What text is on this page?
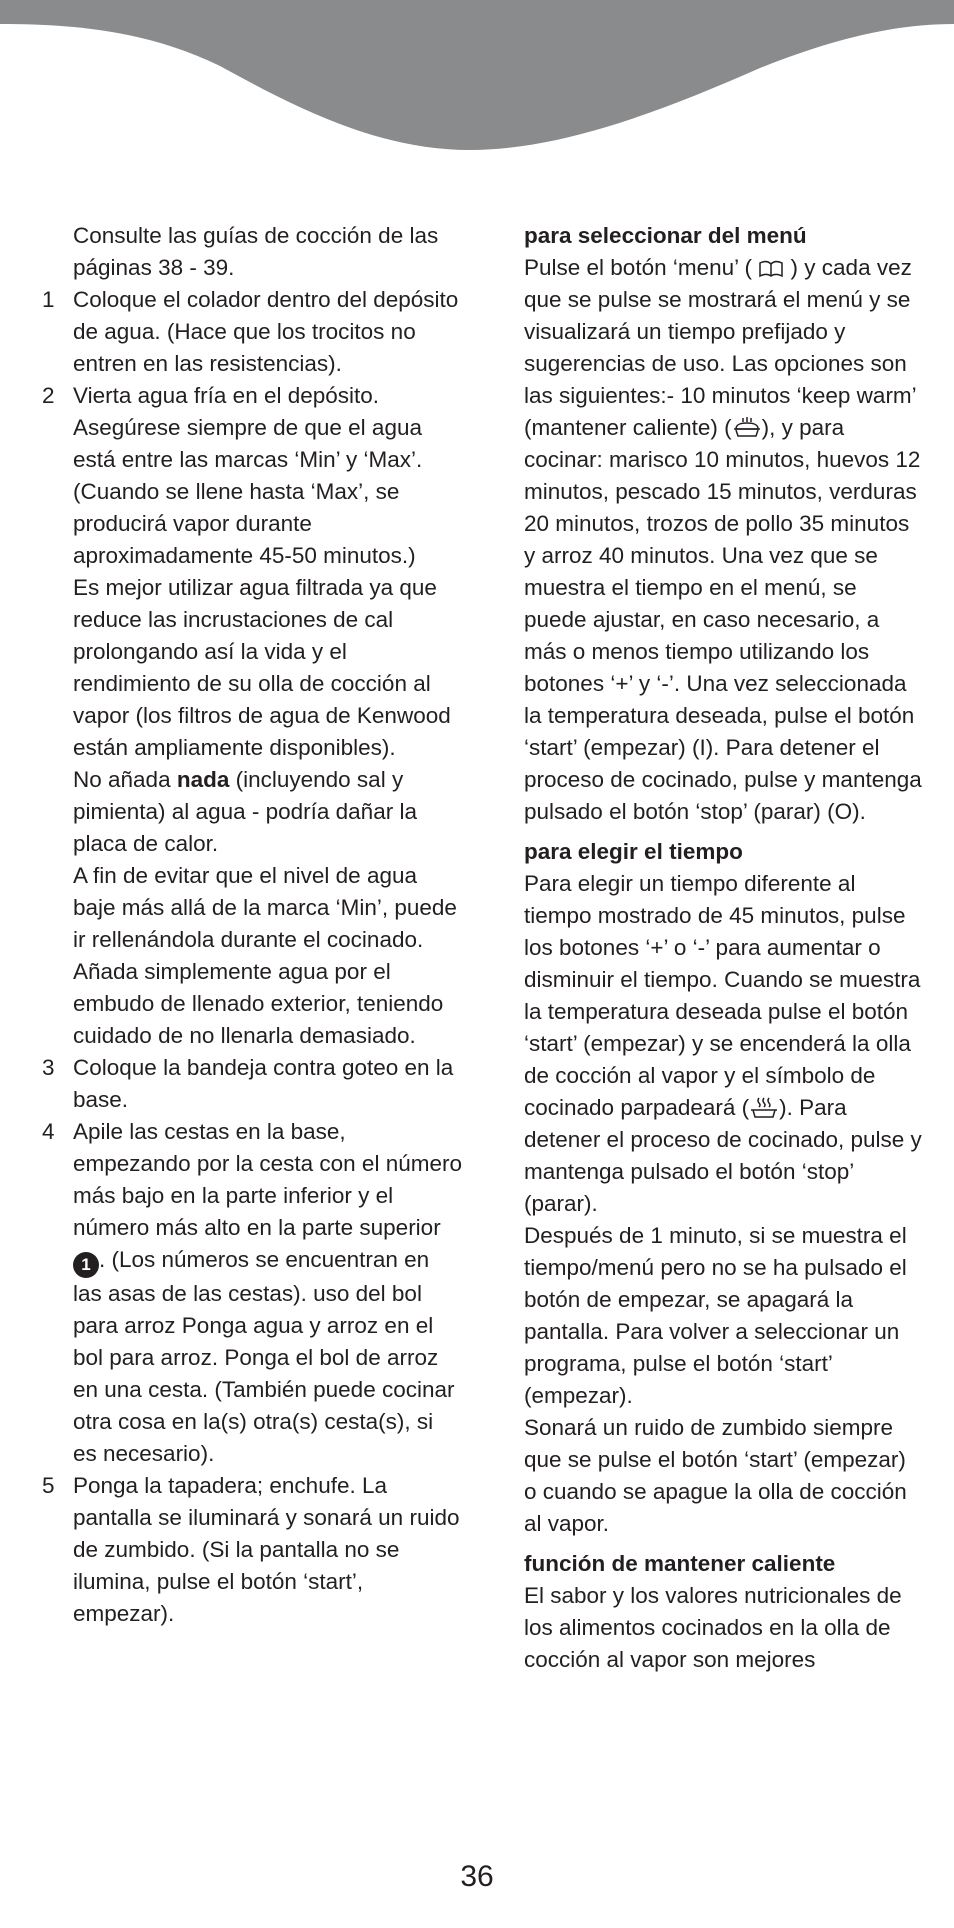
Consulte las guías de cocción de las páginas 38 - 39.
1 Coloque el colador dentro del depósito de agua. (Hace que los trocitos no entren en las resistencias).
2 Vierta agua fría en el depósito. Asegúrese siempre de que el agua está entre las marcas ‘Min’ y ‘Max’. (Cuando se llene hasta ‘Max’, se producirá vapor durante aproximadamente 45-50 minutos.)
Es mejor utilizar agua filtrada ya que reduce las incrustaciones de cal prolongando así la vida y el rendimiento de su olla de cocción al vapor (los filtros de agua de Kenwood están ampliamente disponibles).
No añada nada (incluyendo sal y pimienta) al agua - podría dañar la placa de calor.
A fin de evitar que el nivel de agua baje más allá de la marca ‘Min’, puede ir rellenándola durante el cocinado. Añada simplemente agua por el embudo de llenado exterior, teniendo cuidado de no llenarla demasiado.
3 Coloque la bandeja contra goteo en la base.
4 Apile las cestas en la base, empezando por la cesta con el número más bajo en la parte inferior y el número más alto en la parte superior 1 . (Los números se encuentran en las asas de las cestas). uso del bol para arroz Ponga agua y arroz en el bol para arroz. Ponga el bol de arroz en una cesta. (También puede cocinar otra cosa en la(s) otra(s) cesta(s), si es necesario).
5 Ponga la tapadera; enchufe. La pantalla se iluminará y sonará un ruido de zumbido. (Si la pantalla no se ilumina, pulse el botón ‘start’, empezar).
para seleccionar del menú
Pulse el botón ‘menu’ (  ) y cada vez que se pulse se mostrará el menú y se visualizará un tiempo prefijado y sugerencias de uso. Las opciones son las siguientes:- 10 minutos ‘keep warm’ (mantener caliente) ( ), y para cocinar: marisco 10 minutos, huevos 12 minutos, pescado 15 minutos, verduras 20 minutos, trozos de pollo 35 minutos y arroz 40 minutos. Una vez que se muestra el tiempo en el menú, se puede ajustar, en caso necesario, a más o menos tiempo utilizando los botones ‘+’ y ‘-’. Una vez seleccionada la temperatura deseada, pulse el botón ‘start’ (empezar) (I). Para detener el proceso de cocinado, pulse y mantenga pulsado el botón ‘stop’ (parar) (O).
para elegir el tiempo
Para elegir un tiempo diferente al tiempo mostrado de 45 minutos, pulse los botones ‘+’ o ‘-’ para aumentar o disminuir el tiempo. Cuando se muestra la temperatura deseada pulse el botón ‘start’ (empezar) y se encenderá la olla de cocción al vapor y el símbolo de cocinado parpadeará ( ). Para detener el proceso de cocinado, pulse y mantenga pulsado el botón ‘stop’ (parar).
Después de 1 minuto, si se muestra el tiempo/menú pero no se ha pulsado el botón de empezar, se apagará la pantalla. Para volver a seleccionar un programa, pulse el botón ‘start’ (empezar).
Sonará un ruido de zumbido siempre que se pulse el botón ‘start’ (empezar) o cuando se apague la olla de cocción al vapor.
función de mantener caliente
El sabor y los valores nutricionales de los alimentos cocinados en la olla de cocción al vapor son mejores
36
